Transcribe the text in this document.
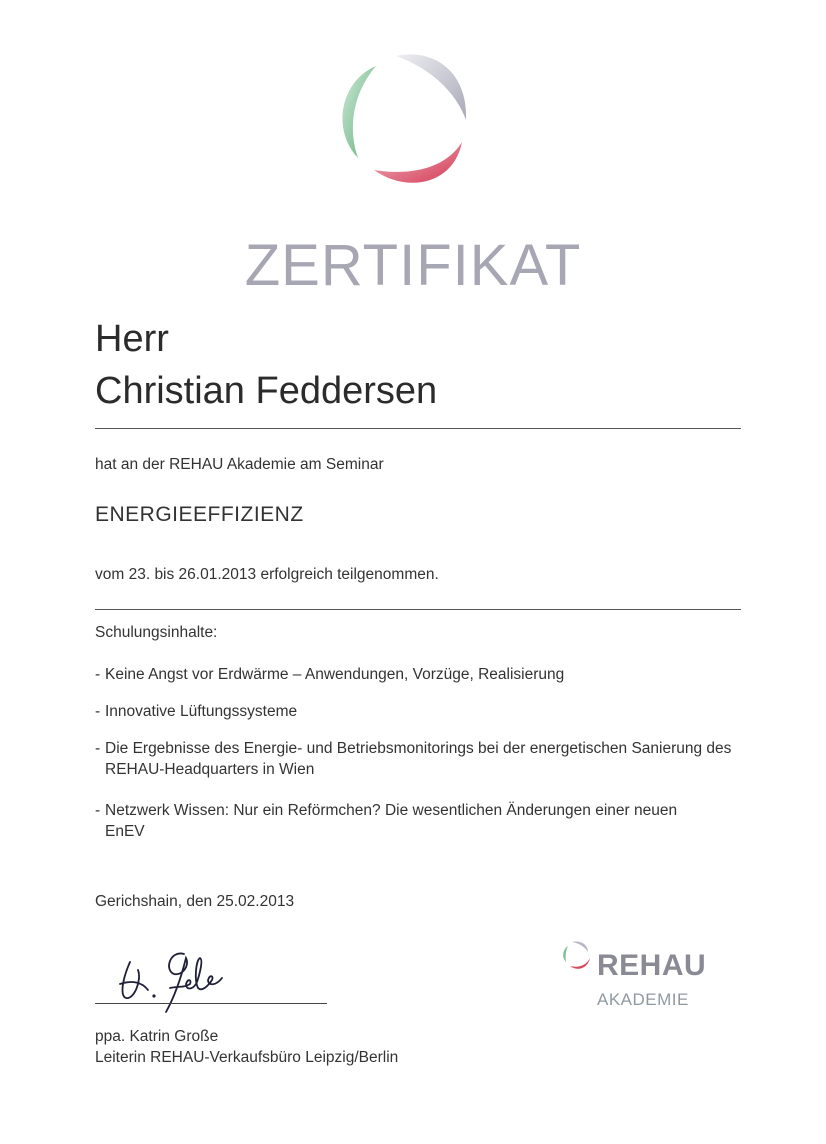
ZERTIFIKAT
Herr
Christian Feddersen
hat an der REHAU Akademie am Seminar
ENERGIEEFFIZIENZ
vom 23. bis 26.01.2013 erfolgreich teilgenommen.
Schulungsinhalte:
- Keine Angst vor Erdwärme – Anwendungen, Vorzüge, Realisierung
- Innovative Lüftungssysteme
- Die Ergebnisse des Energie- und Betriebsmonitorings bei der energetischen Sanierung des REHAU-Headquarters in Wien
- Netzwerk Wissen: Nur ein Reförmchen? Die wesentlichen Änderungen einer neuen EnEV
Gerichshain, den 25.02.2013
ppa. Katrin Große
Leiterin REHAU-Verkaufsbüro Leipzig/Berlin
REHAU
AKADEMIE
